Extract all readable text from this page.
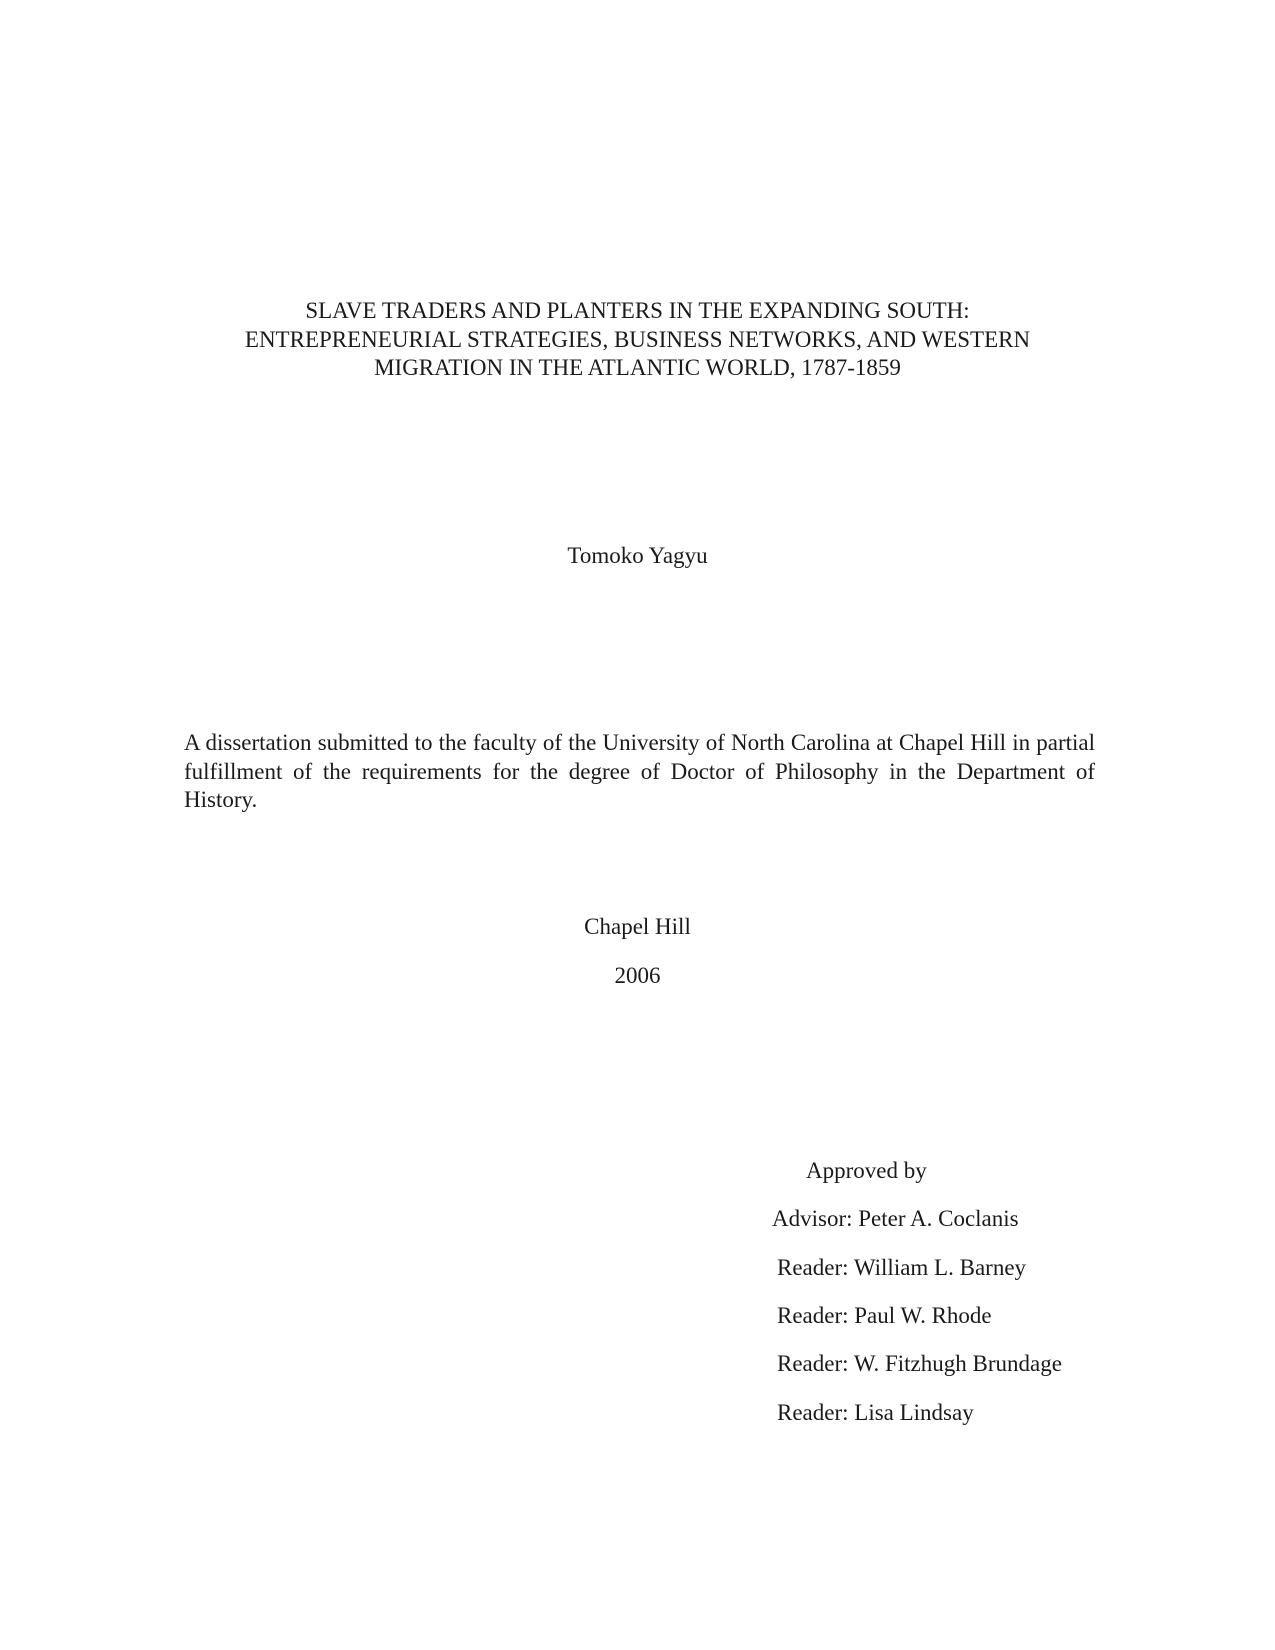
SLAVE TRADERS AND PLANTERS IN THE EXPANDING SOUTH:
ENTREPRENEURIAL STRATEGIES, BUSINESS NETWORKS, AND WESTERN
MIGRATION IN THE ATLANTIC WORLD, 1787-1859
Tomoko Yagyu
A dissertation submitted to the faculty of the University of North Carolina at Chapel Hill in partial fulfillment of the requirements for the degree of Doctor of Philosophy in the Department of History.
Chapel Hill
2006
Approved by
Advisor: Peter A. Coclanis
Reader: William L. Barney
Reader: Paul W. Rhode
Reader: W. Fitzhugh Brundage
Reader: Lisa Lindsay
